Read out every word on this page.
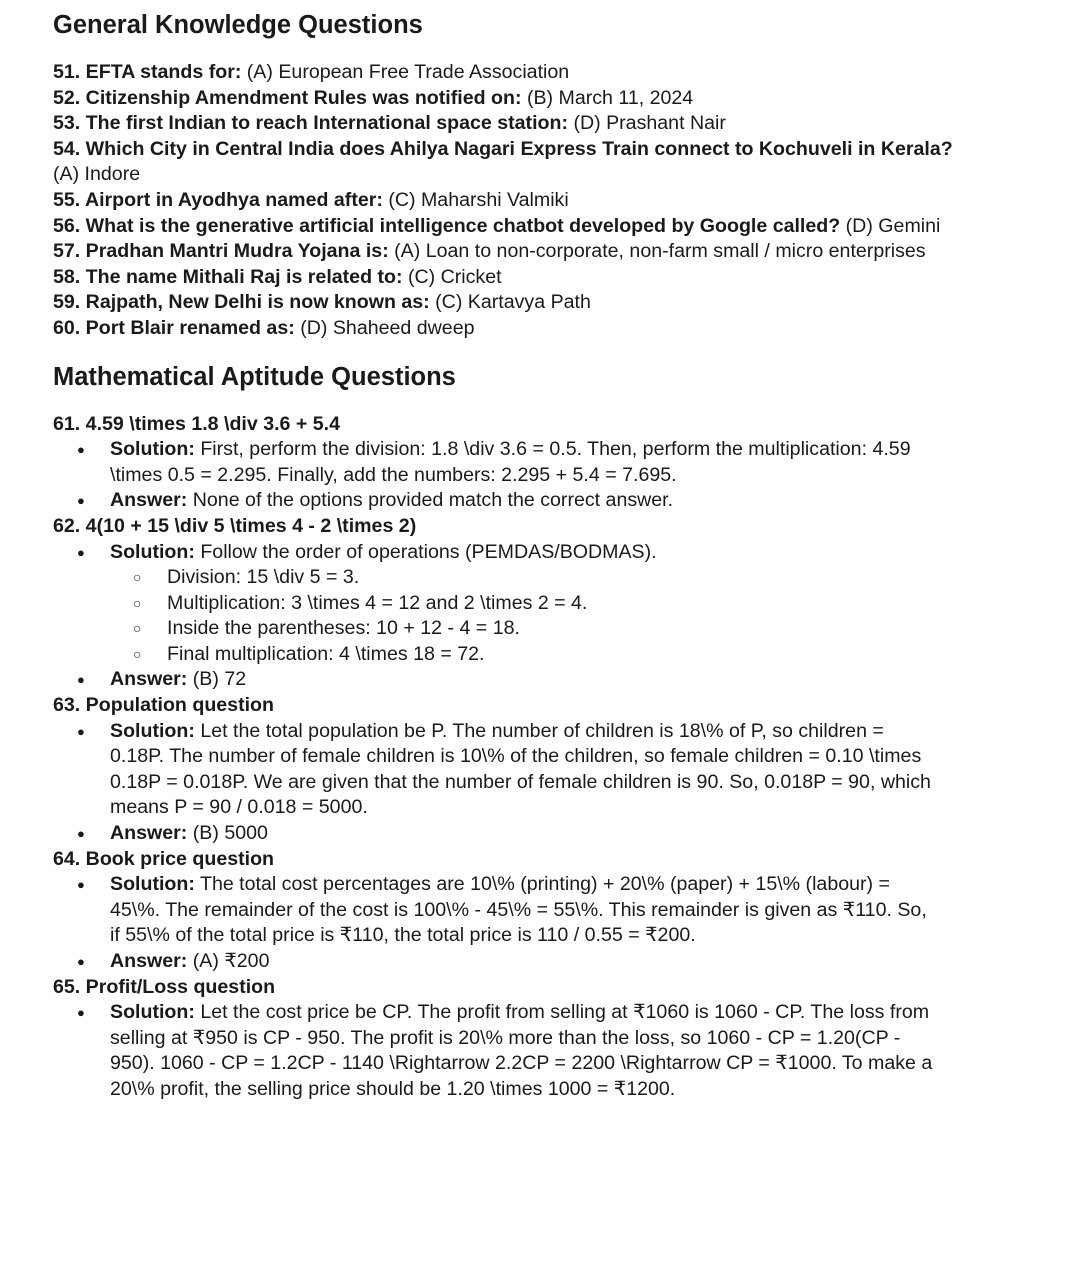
General Knowledge Questions

51. EFTA stands for: (A) European Free Trade Association

52. Citizenship Amendment Rules was notified on: (B) March 11, 2024

53. The first Indian to reach International space station: (D) Prashant Nair

54. Which City in Central India does Ahilya Nagari Express Train connect to Kochuveli in Kerala? (A) Indore

55. Airport in Ayodhya named after: (C) Maharshi Valmiki

56. What is the generative artificial intelligence chatbot developed by Google called? (D) Gemini

57. Pradhan Mantri Mudra Yojana is: (A) Loan to non-corporate, non-farm small / micro enterprises

58. The name Mithali Raj is related to: (C) Cricket

59. Rajpath, New Delhi is now known as: (C) Kartavya Path

60. Port Blair renamed as: (D) Shaheed dweep

Mathematical Aptitude Questions
61. 4.59 \times 1.8 \div 3.6 + 5.4
● Solution: First, perform the division: 1.8 \div 3.6 = 0.5. Then, perform the multiplication: 4.59 \times 0.5 = 2.295. Finally, add the numbers: 2.295 + 5.4 = 7.695.
● Answer: None of the options provided match the correct answer.
62. 4(10 + 15 \div 5 \times 4 - 2 \times 2)
● Solution: Follow the order of operations (PEMDAS/BODMAS).
○ Division: 15 \div 5 = 3.
○ Multiplication: 3 \times 4 = 12 and 2 \times 2 = 4.
○ Inside the parentheses: 10 + 12 - 4 = 18.
○ Final multiplication: 4 \times 18 = 72.
● Answer: (B) 72
63. Population question
● Solution: Let the total population be P. The number of children is 18\% of P, so children = 0.18P. The number of female children is 10\% of the children, so female children = 0.10 \times 0.18P = 0.018P. We are given that the number of female children is 90. So, 0.018P = 90, which means P = 90 / 0.018 = 5000.
● Answer: (B) 5000
64. Book price question
● Solution: The total cost percentages are 10\% (printing) + 20\% (paper) + 15\% (labour) = 45\%. The remainder of the cost is 100\% - 45\% = 55\%. This remainder is given as ₹110. So, if 55\% of the total price is ₹110, the total price is 110 / 0.55 = ₹200.
● Answer: (A) ₹200
65. Profit/Loss question
● Solution: Let the cost price be CP. The profit from selling at ₹1060 is 1060 - CP. The loss from selling at ₹950 is CP - 950. The profit is 20\% more than the loss, so 1060 - CP = 1.20(CP - 950). 1060 - CP = 1.2CP - 1140 \Rightarrow 2.2CP = 2200 \Rightarrow CP = ₹1000. To make a 20\% profit, the selling price should be 1.20 \times 1000 = ₹1200.
